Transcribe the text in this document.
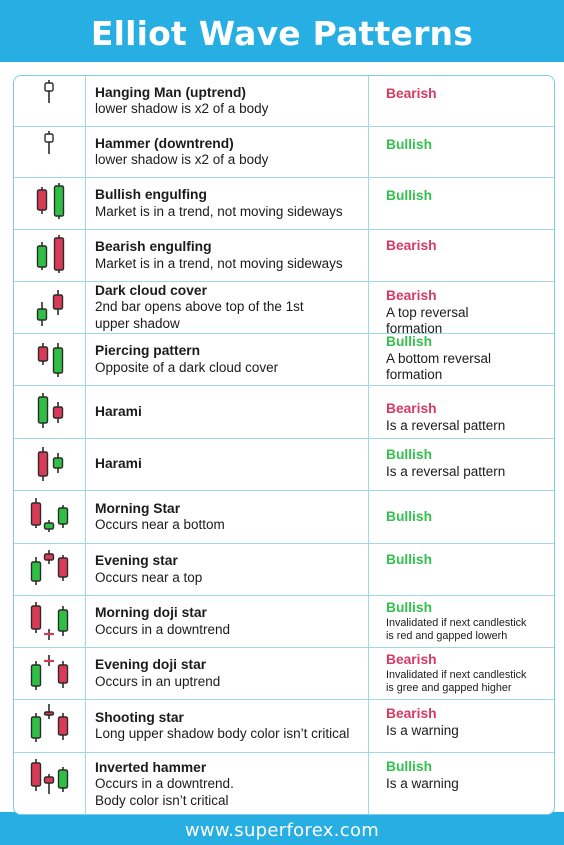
Elliot Wave Patterns
Hanging Man (uptrend)
lower shadow is x2 of a body
Bearish
Hammer (downtrend)
lower shadow is x2 of a body
Bullish
Bullish engulfing
Market is in a trend, not moving sideways
Bullish
Bearish engulfing
Market is in a trend, not moving sideways
Bearish
Dark cloud cover
2nd bar opens above top of the 1st
upper shadow
Bearish
A top reversal
formation
Piercing pattern
Opposite of a dark cloud cover
Bullish
A bottom reversal
formation
Harami	Bearish
Is a reversal pattern
Harami
Bullish
Is a reversal pattern
Morning Star
Occurs near a bottom
Bullish
Evening star
Occurs near a top
Bullish
Morning doji star
Occurs in a downtrend
Bullish
Invalidated if next candlestick
is red and gapped lowerh
Evening doji star
Occurs in an uptrend
Bearish
Invalidated if next candlestick
is gree and gapped higher
Shooting star
Long upper shadow body color isn’t critical
Bearish
Is a warning
Inverted hammer
Occurs in a downtrend.
Body color isn’t critical
Bullish
Is a warning
www.superforex.com
